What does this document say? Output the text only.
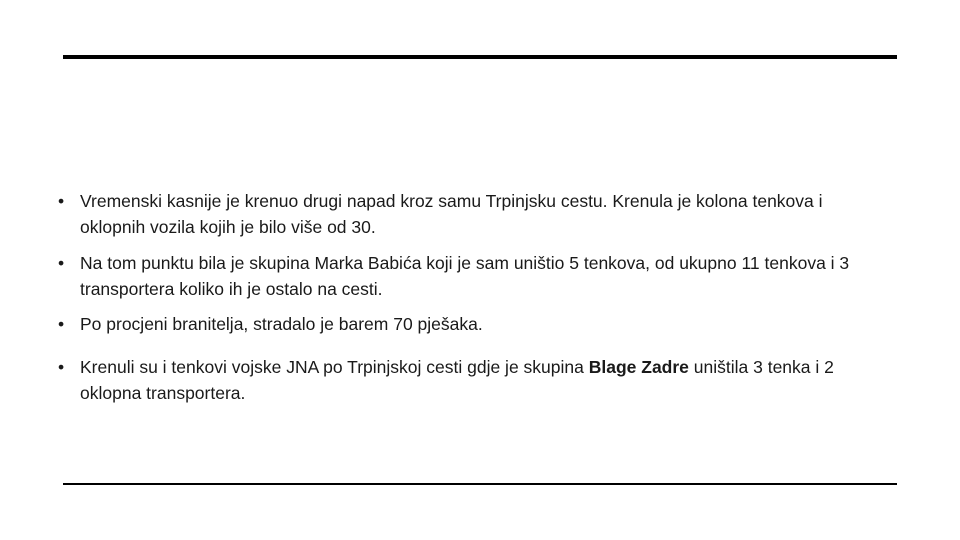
• Vremenski kasnije je krenuo drugi napad kroz samu Trpinjsku cestu. Krenula je kolona tenkova i oklopnih vozila kojih je bilo više od 30.
• Na tom punktu bila je skupina Marka Babića koji je sam uništio 5 tenkova, od ukupno 11 tenkova i 3 transportera koliko ih je ostalo na cesti.
• Po procjeni branitelja, stradalo je barem 70 pješaka.
• Krenuli su i tenkovi vojske JNA po Trpinjskoj cesti gdje je skupina Blage Zadre uništila 3 tenka i 2 oklopna transportera.
